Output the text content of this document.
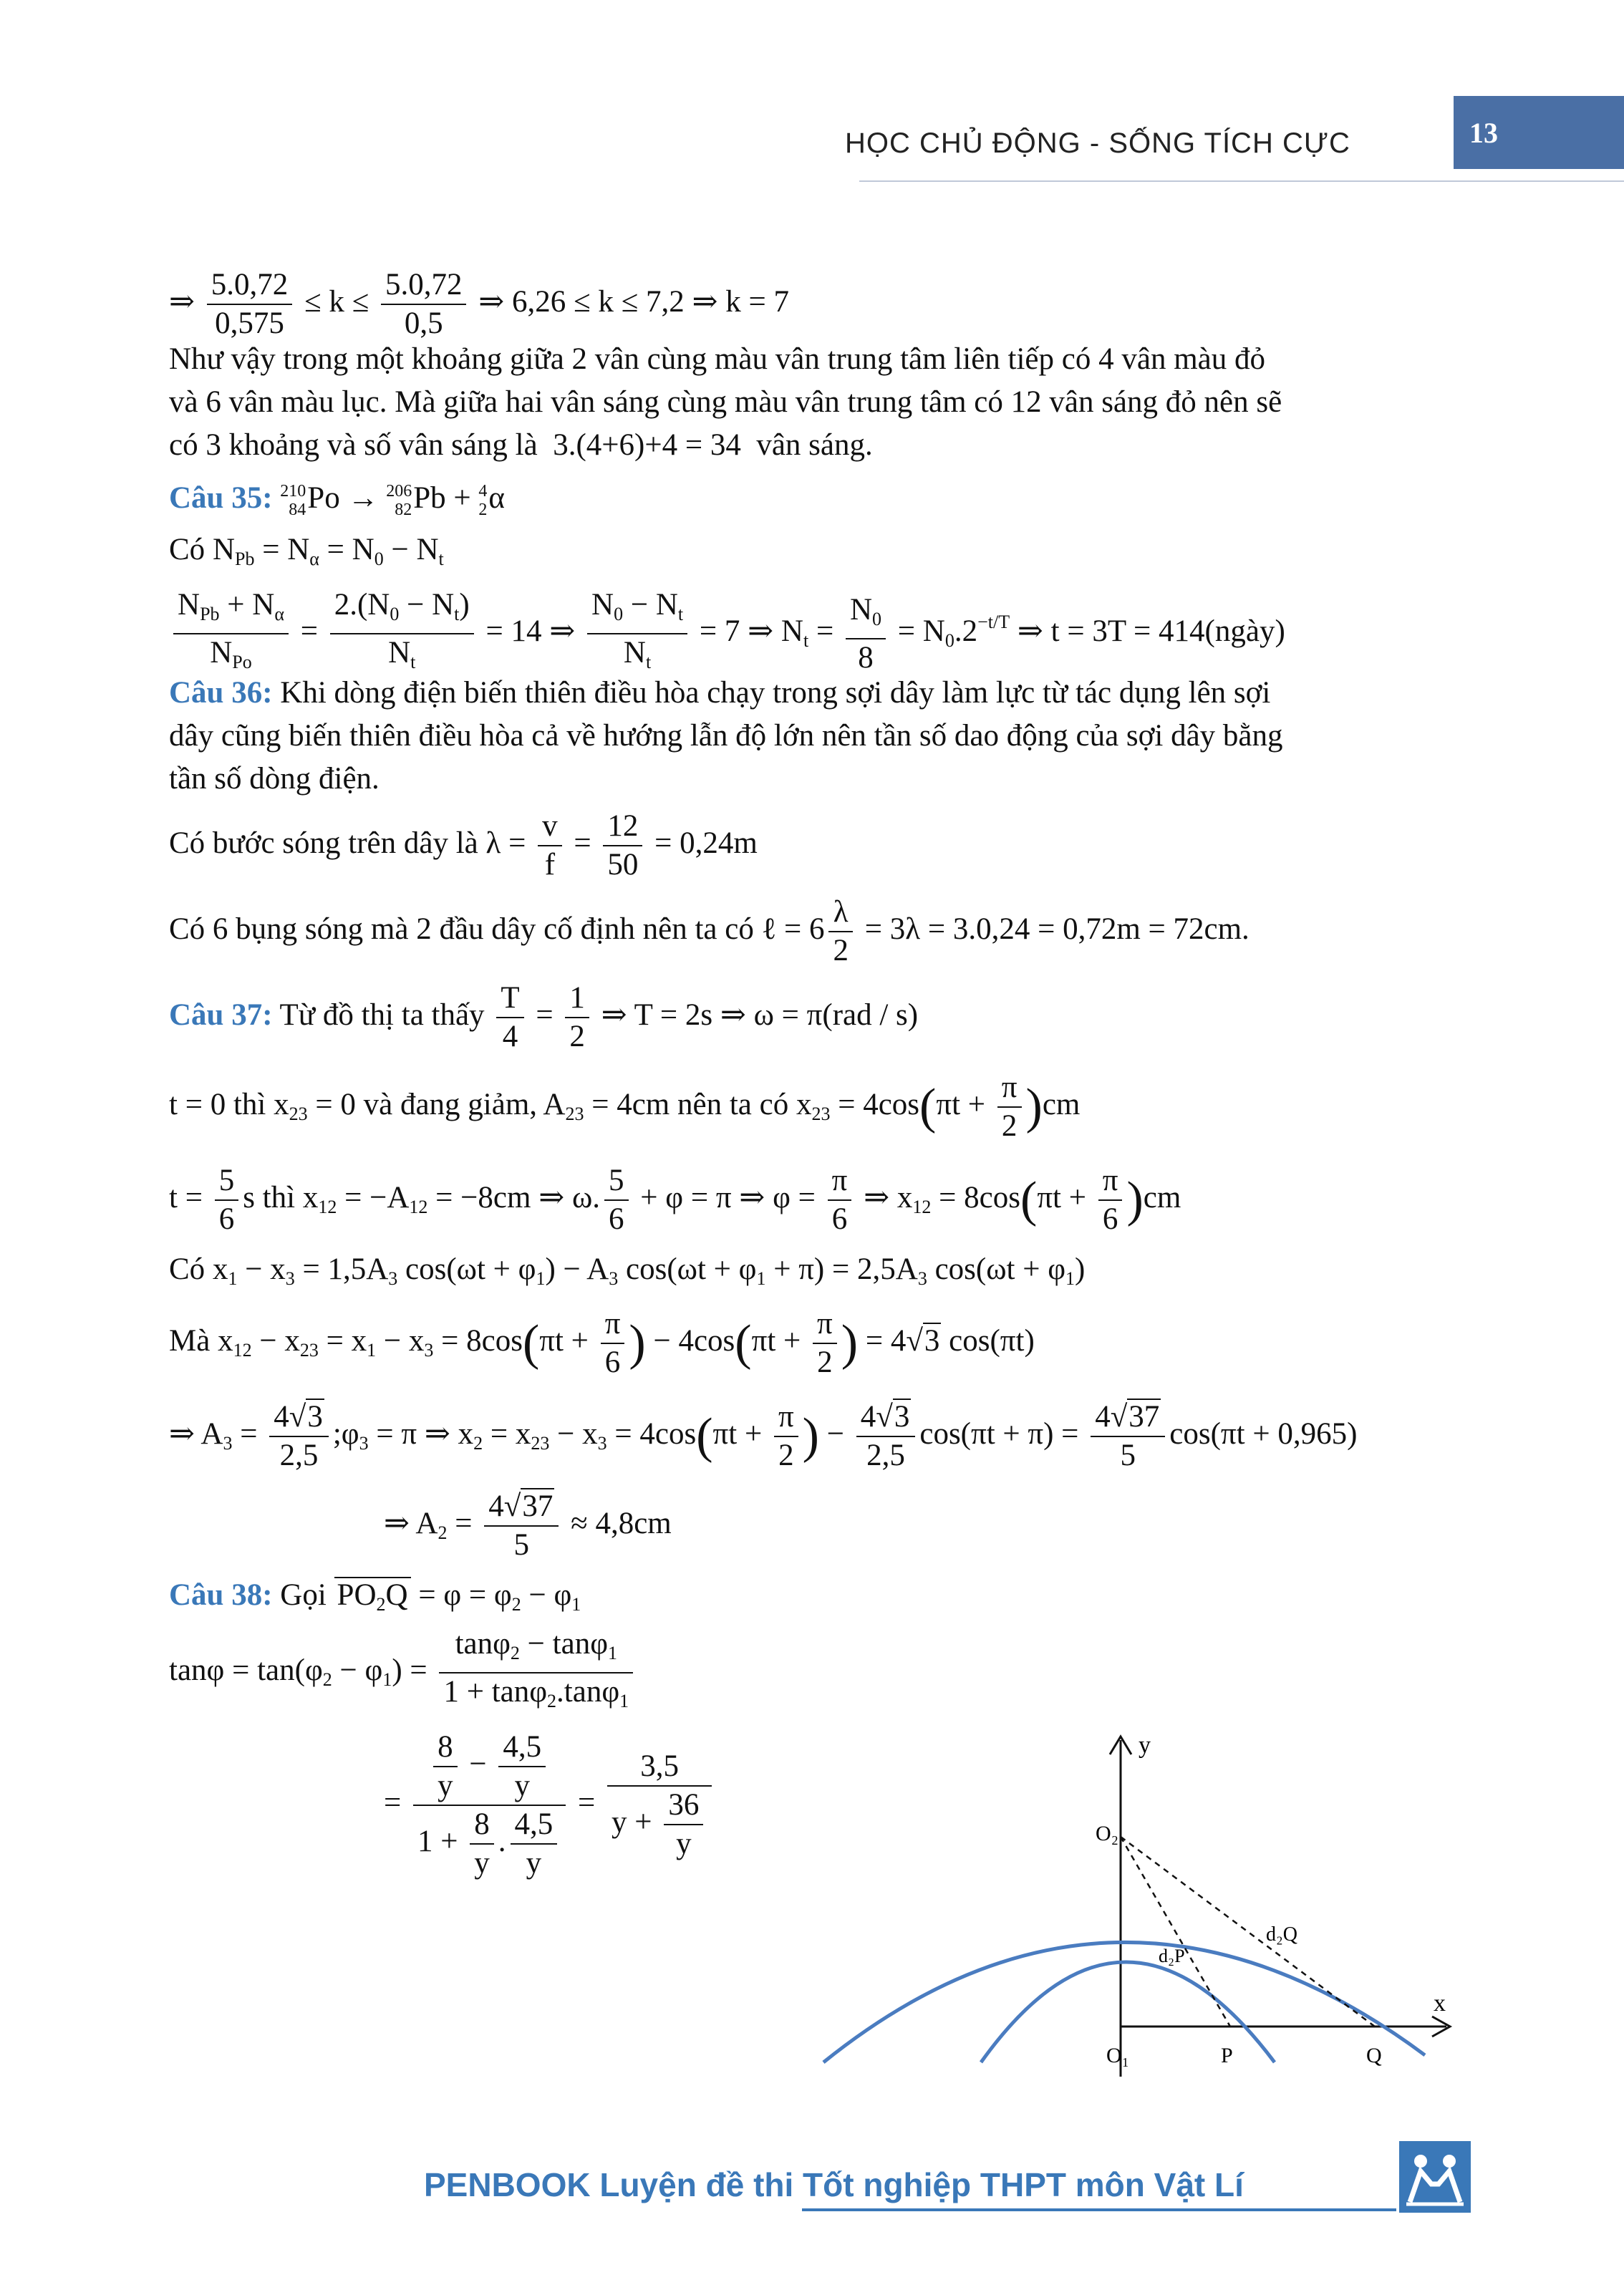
HỌC CHỦ ĐỘNG - SỐNG TÍCH CỰC	13
⇒ $\frac{5.0,72}{0,575} \le k \le \frac{5.0,72}{0,5}$ ⇒ 6,26 ≤ k ≤ 7,2 ⇒ k = 7
Như vậy trong một khoảng giữa 2 vân cùng màu vân trung tâm liên tiếp có 4 vân màu đỏ
và 6 vân màu lục. Mà giữa hai vân sáng cùng màu vân trung tâm có 12 vân sáng đỏ nên sẽ
có 3 khoảng và số vân sáng là 3.(4+6)+4 = 34 vân sáng.
Câu 35: 210
84 Po → 206
82 Pb + 4
2 α
Có $N_{Pb} = N_\alpha = N_0 - N_t$
$\frac{N_{Pb} + N_\alpha}{N_{Po}} = \frac{2.(N_0 - N_t)}{N_t} = 14$ ⇒ $\frac{N_0 - N_t}{N_t} = 7$ ⇒ $N_t = \frac{N_0}{8} = N_0.2^{-t/T}$ ⇒ t = 3T = 414(ngày)
Câu 36: Khi dòng điện biến thiên điều hòa chạy trong sợi dây làm lực từ tác dụng lên sợi
dây cũng biến thiên điều hòa cả về hướng lẫn độ lớn nên tần số dao động của sợi dây bằng
tần số dòng điện.
Có bước sóng trên dây là $\lambda = \frac{v}{f} = \frac{12}{50} = 0,24m$
Có 6 bụng sóng mà 2 đầu dây cố định nên ta có ℓ = $6 \frac{\lambda}{2} = 3\lambda = 3.0,24 = 0,72m = 72cm$.
Câu 37: Từ đồ thị ta thấy $\frac{T}{4} = \frac{1}{2}$ ⇒ T = 2s ⇒ ω = π(rad / s)
t = 0 thì $x_{23} = 0$ và đang giảm, $A_{23} = 4cm$ nên ta có $x_{23} = 4\cos(\pi t + \frac{\pi}{2} )cm$
$t = \frac{5}{6}$ s thì $x_{12} = -A_{12} = -8cm$ ⇒ ω. $\frac{5}{6} + \varphi = \pi$ ⇒ $\varphi = \frac{\pi}{6}$ ⇒ $x_{12} = 8\cos(\pi t + \frac{\pi}{6} )cm$
Có $x_1 - x_3 = 1,5A_3$ $\cos(\omega t + \varphi_1) - A_3$ $\cos(\omega t + \varphi_1 + \pi) = 2,5A_3$ $\cos(\omega t + \varphi_1)$
Mà $x_{12} - x_{23} = x_1 - x_3 = 8\cos(\pi t + \frac{\pi}{6}$ ) − $4\cos(\pi t + \frac{\pi}{2}$ ) = 4√3 cos(πt)
⇒ $A_3 = \frac{4√3}{2,5}$ $;\varphi_3 = \pi$ ⇒ $x_2 = x_{23} - x_3 = 4\cos(\pi t + \frac{\pi}{2}$ ) − $\frac{4√3}{2,5} \cos(\pi t + \pi) = \frac{4√37}{5} \cos(\pi t + 0,965)$
⇒ $A_2 = \frac{4√37}{5} \approx 4,8cm$
Câu 38: Gọi $PO_2Q = \varphi = \varphi_2 - \varphi_1$
$\tan\varphi = \tan(\varphi_2 - \varphi_1) = \frac{\tan\varphi_2 - \tan\varphi_1}{1 + \tan\varphi_2.\tan\varphi_1}$
= $\frac{\frac{8}{y} - \frac{4,5}{y}}{1 + \frac{8}{y} . \frac{4,5}{y}} = \frac{3,5}{y + \frac{36}{y}}$
y
x
O₂
O₁	P	Q
d₂Q
d₂P
PENBOOK Luyện đề thi Tốt nghiệp THPT môn Vật Lí
